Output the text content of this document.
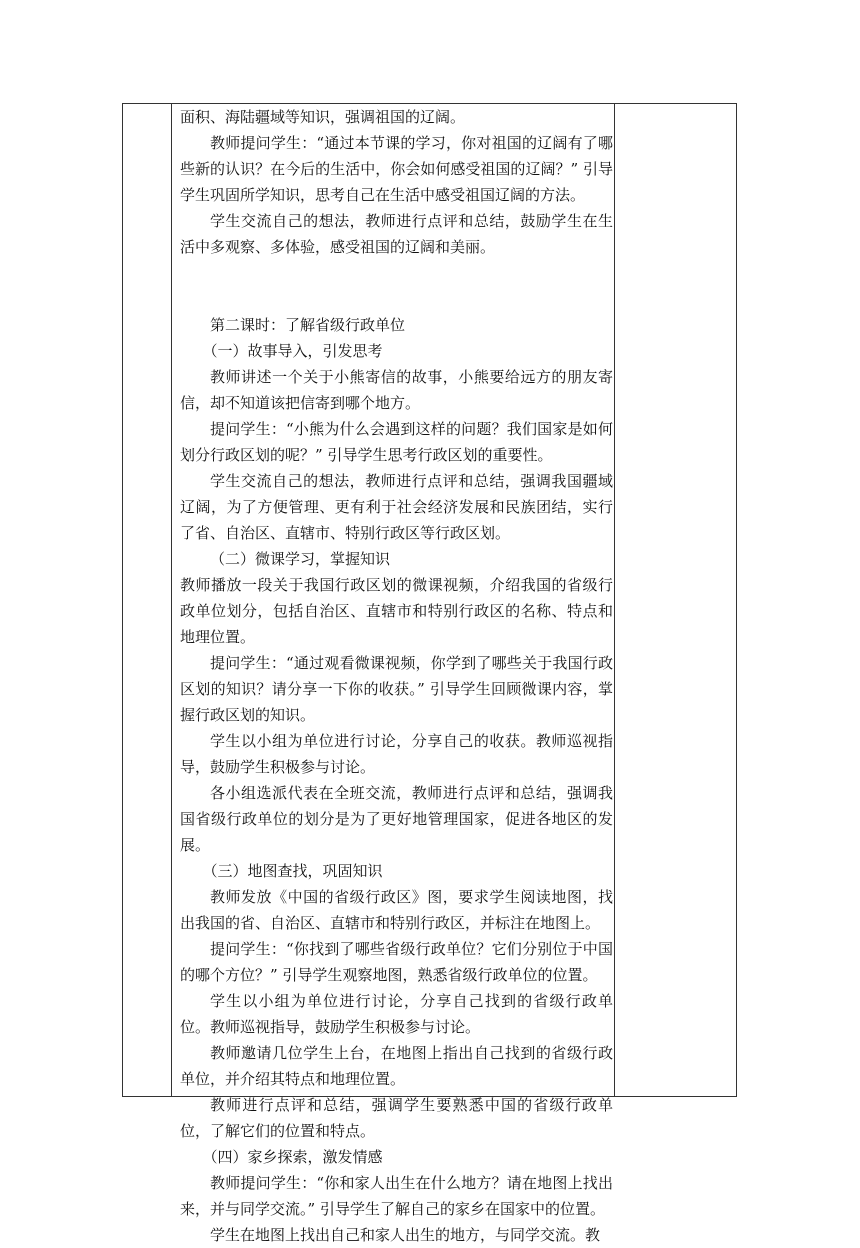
面积、海陆疆域等知识，强调祖国的辽阔。

教师提问学生：“通过本节课的学习，你对祖国的辽阔有了哪些新的认识？在今后的生活中，你会如何感受祖国的辽阔？” 引导学生巩固所学知识，思考自己在生活中感受祖国辽阔的方法。

学生交流自己的想法，教师进行点评和总结，鼓励学生在生活中多观察、多体验，感受祖国的辽阔和美丽。

第二课时：了解省级行政单位

（一）故事导入，引发思考

教师讲述一个关于小熊寄信的故事，小熊要给远方的朋友寄信，却不知道该把信寄到哪个地方。

提问学生：“小熊为什么会遇到这样的问题？我们国家是如何划分行政区划的呢？” 引导学生思考行政区划的重要性。

学生交流自己的想法，教师进行点评和总结，强调我国疆域辽阔，为了方便管理、更有利于社会经济发展和民族团结，实行了省、自治区、直辖市、特别行政区等行政区划。

（二）微课学习，掌握知识

教师播放一段关于我国行政区划的微课视频，介绍我国的省级行政单位划分，包括自治区、直辖市和特别行政区的名称、特点和地理位置。

提问学生：“通过观看微课视频，你学到了哪些关于我国行政区划的知识？请分享一下你的收获。” 引导学生回顾微课内容，掌握行政区划的知识。

学生以小组为单位进行讨论，分享自己的收获。教师巡视指导，鼓励学生积极参与讨论。

各小组选派代表在全班交流，教师进行点评和总结，强调我国省级行政单位的划分是为了更好地管理国家，促进各地区的发展。

（三）地图查找，巩固知识

教师发放《中国的省级行政区》图，要求学生阅读地图，找出我国的省、自治区、直辖市和特别行政区，并标注在地图上。

提问学生：“你找到了哪些省级行政单位？它们分别位于中国的哪个方位？” 引导学生观察地图，熟悉省级行政单位的位置。

学生以小组为单位进行讨论，分享自己找到的省级行政单位。教师巡视指导，鼓励学生积极参与讨论。

教师邀请几位学生上台，在地图上指出自己找到的省级行政单位，并介绍其特点和地理位置。

教师进行点评和总结，强调学生要熟悉中国的省级行政单位，了解它们的位置和特点。

（四）家乡探索，激发情感

教师提问学生：“你和家人出生在什么地方？请在地图上找出来，并与同学交流。” 引导学生了解自己的家乡在国家中的位置。

学生在地图上找出自己和家人出生的地方，与同学交流。教
